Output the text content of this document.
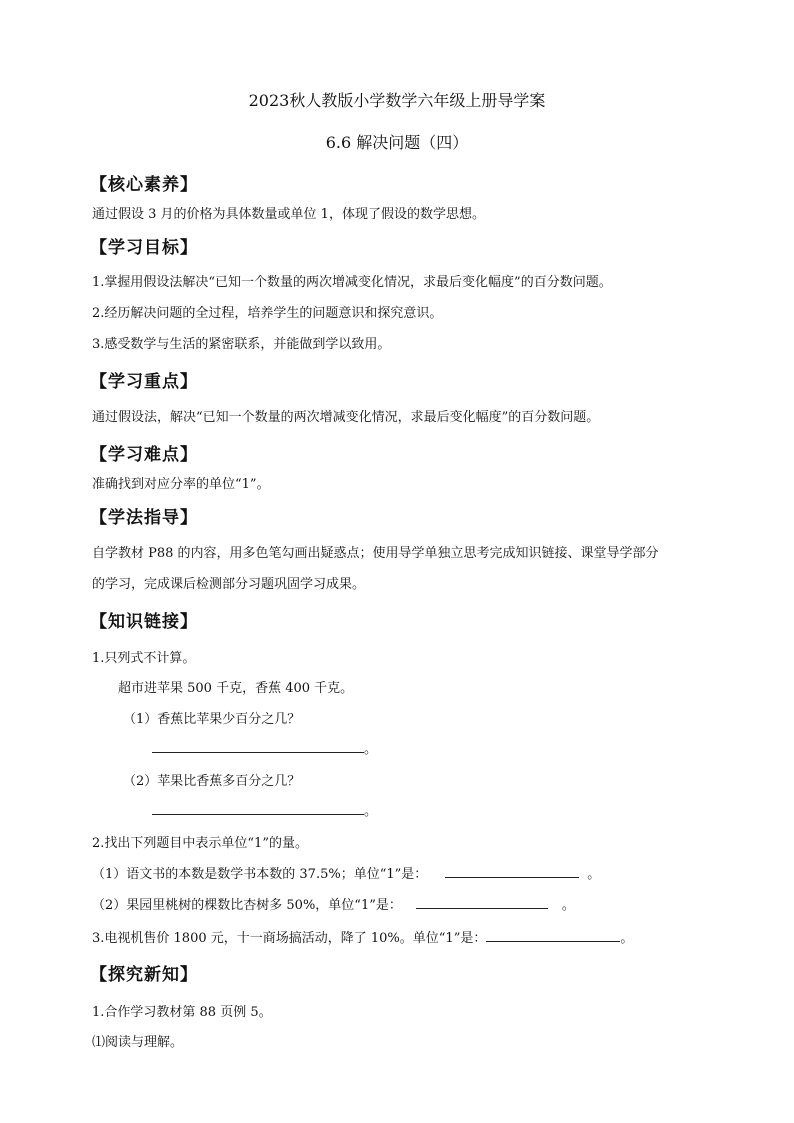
2023秋人教版小学数学六年级上册导学案
6.6 解决问题（四）
【核心素养】
通过假设 3 月的价格为具体数量或单位 1，体现了假设的数学思想。
【学习目标】
1.掌握用假设法解决“已知一个数量的两次增减变化情况，求最后变化幅度”的百分数问题。
2.经历解决问题的全过程，培养学生的问题意识和探究意识。
3.感受数学与生活的紧密联系，并能做到学以致用。
【学习重点】
通过假设法，解决“已知一个数量的两次增减变化情况，求最后变化幅度”的百分数问题。
【学习难点】
准确找到对应分率的单位“1”。
【学法指导】
自学教材 P88 的内容，用多色笔勾画出疑惑点；使用导学单独立思考完成知识链接、课堂导学部分
的学习，完成课后检测部分习题巩固学习成果。
【知识链接】
1.只列式不计算。
超市进苹果 500 千克，香蕉 400 千克。
（1）香蕉比苹果少百分之几？
。
（2）苹果比香蕉多百分之几？
。
2.找出下列题目中表示单位“1”的量。
（1）语文书的本数是数学书本数的 37.5%；单位“1”是：	。
（2）果园里桃树的棵数比杏树多 50%，单位“1”是：	。
3.电视机售价 1800 元，十一商场搞活动，降了 10%。单位“1”是：	。
【探究新知】
1.合作学习教材第 88 页例 5。
⑴阅读与理解。
